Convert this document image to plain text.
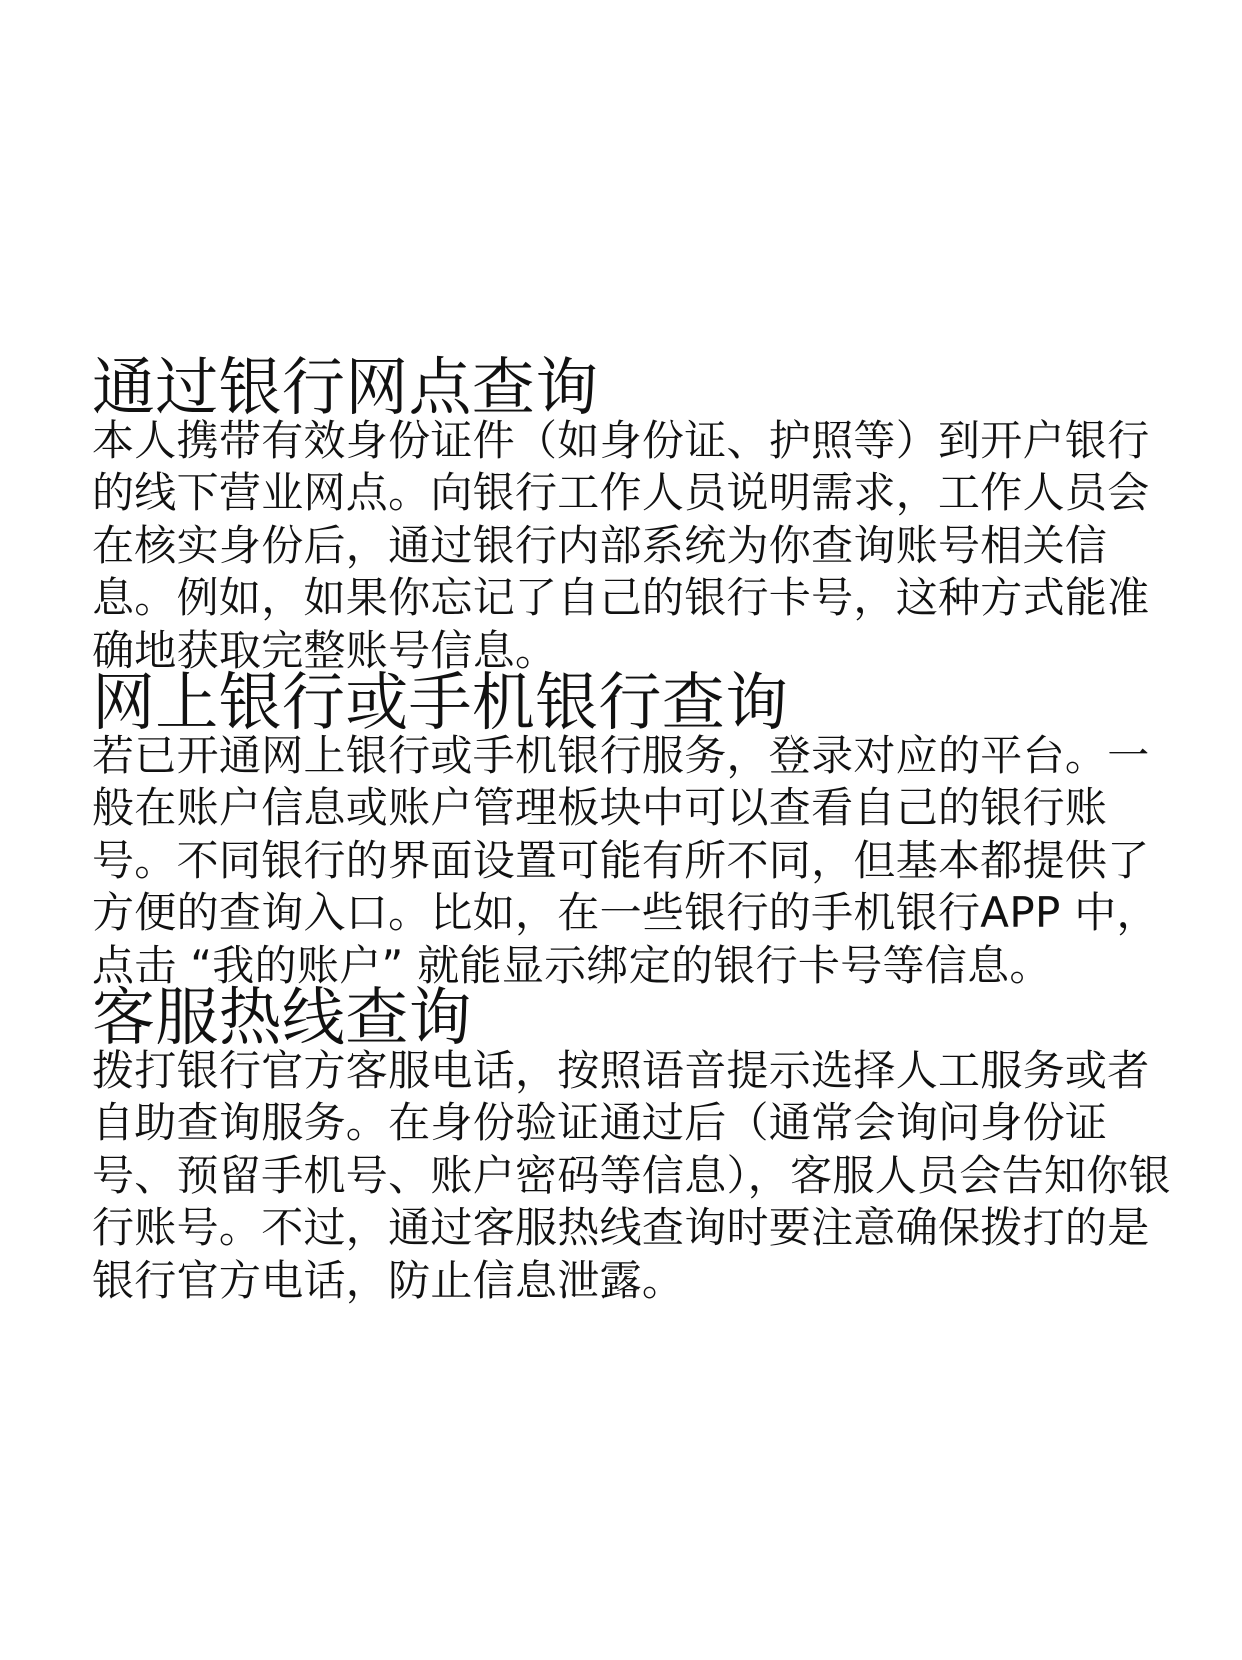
通过银行网点查询

本人携带有效身份证件（如身份证、护照等）到开户银行的线下营业网点。向银行工作人员说明需求，工作人员会在核实身份后，通过银行内部系统为你查询账号相关信息。例如，如果你忘记了自己的银行卡号，这种方式能准确地获取完整账号信息。

网上银行或手机银行查询

若已开通网上银行或手机银行服务，登录对应的平台。一般在账户信息或账户管理板块中可以查看自己的银行账号。不同银行的界面设置可能有所不同，但基本都提供了方便的查询入口。比如，在一些银行的手机银行APP 中，点击 “我的账户” 就能显示绑定的银行卡号等信息。

客服热线查询

拨打银行官方客服电话，按照语音提示选择人工服务或者自助查询服务。在身份验证通过后（通常会询问身份证号、预留手机号、账户密码等信息），客服人员会告知你银行账号。不过，通过客服热线查询时要注意确保拨打的是银行官方电话，防止信息泄露。
